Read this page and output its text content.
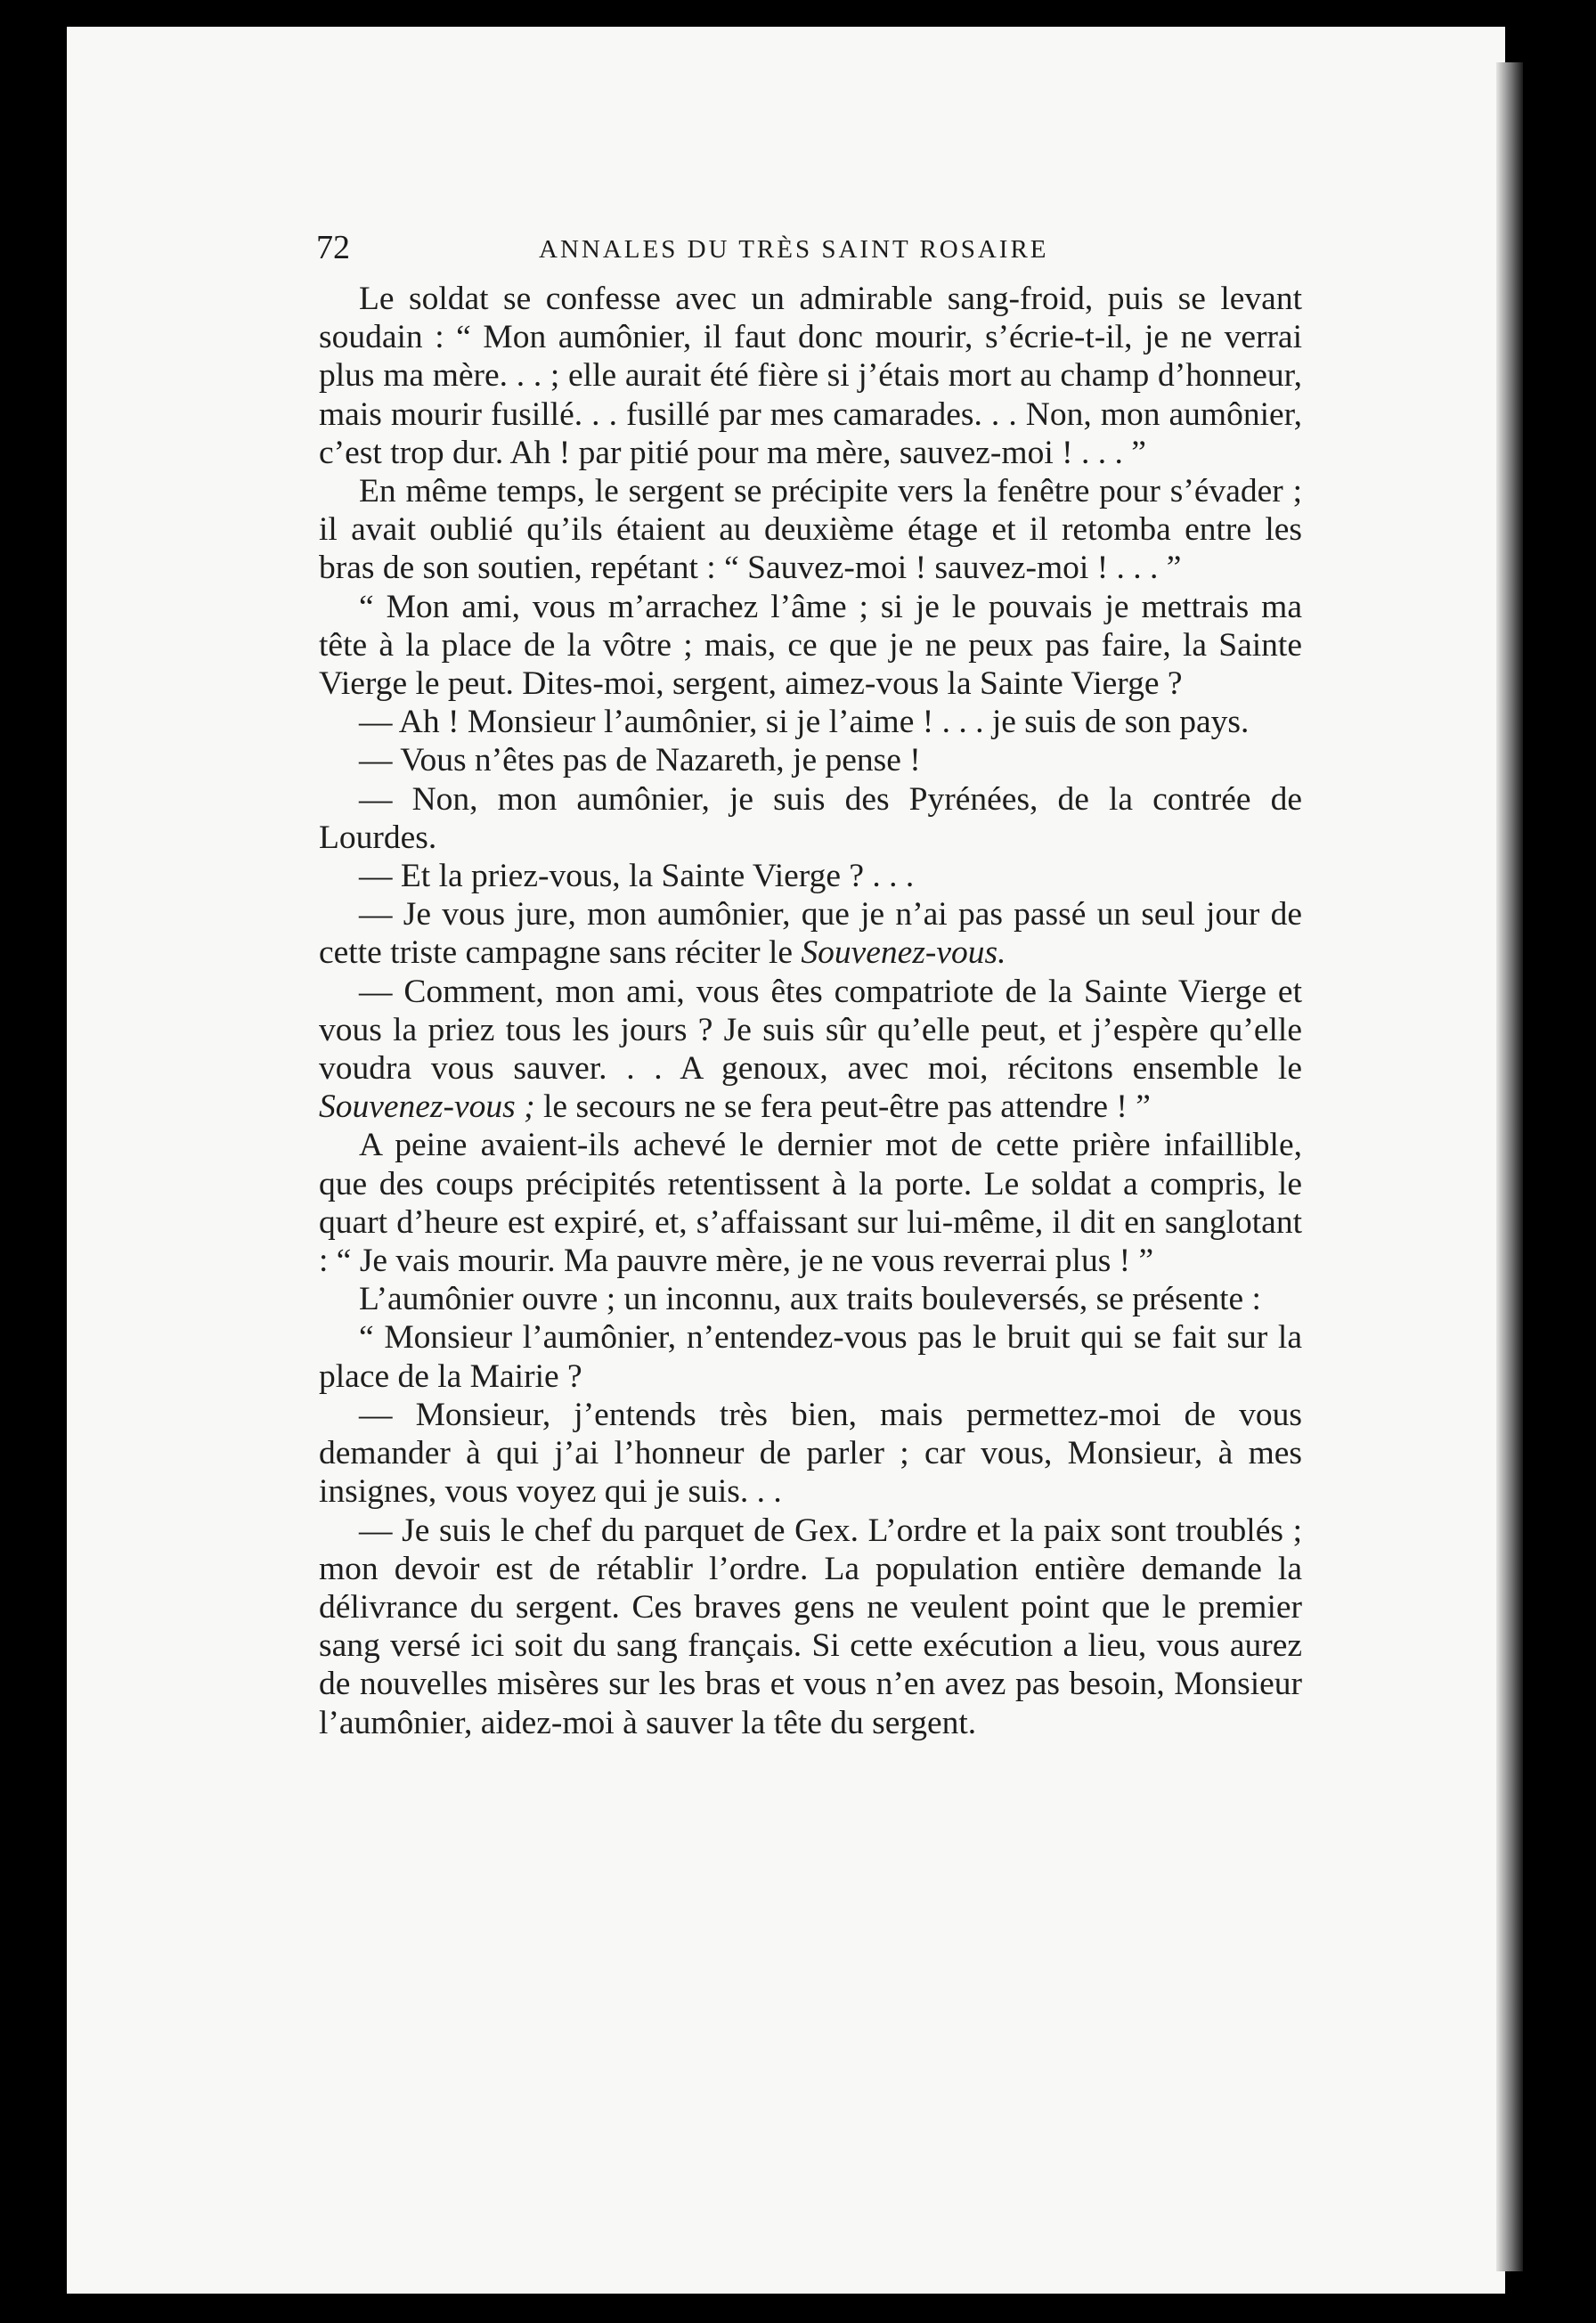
72	ANNALES DU TRÈS SAINT ROSAIRE

Le soldat se confesse avec un admirable sang-froid, puis se levant soudain : “ Mon aumônier, il faut donc mourir, s’écrie-t-il, je ne verrai plus ma mère. . . ; elle aurait été fière si j’étais mort au champ d’honneur, mais mourir fusillé. . . fusillé par mes camarades. . . Non, mon aumônier, c’est trop dur. Ah ! par pitié pour ma mère, sauvez-moi ! . . . ”

En même temps, le sergent se précipite vers la fenêtre pour s’évader ; il avait oublié qu’ils étaient au deuxième étage et il retomba entre les bras de son soutien, repétant : “ Sauvez-moi ! sauvez-moi ! . . . ”

“ Mon ami, vous m’arrachez l’âme ; si je le pouvais je mettrais ma tête à la place de la vôtre ; mais, ce que je ne peux pas faire, la Sainte Vierge le peut. Dites-moi, sergent, aimez-vous la Sainte Vierge ?

— Ah ! Monsieur l’aumônier, si je l’aime ! . . . je suis de son pays.

— Vous n’êtes pas de Nazareth, je pense !

— Non, mon aumônier, je suis des Pyrénées, de la contrée de Lourdes.

— Et la priez-vous, la Sainte Vierge ? . . .

— Je vous jure, mon aumônier, que je n’ai pas passé un seul jour de cette triste campagne sans réciter le Souvenez-vous.

— Comment, mon ami, vous êtes compatriote de la Sainte Vierge et vous la priez tous les jours ? Je suis sûr qu’elle peut, et j’espère qu’elle voudra vous sauver. . . A genoux, avec moi, récitons ensemble le Souvenez-vous ; le secours ne se fera peut-être pas attendre ! ”

A peine avaient-ils achevé le dernier mot de cette prière infaillible, que des coups précipités retentissent à la porte. Le soldat a compris, le quart d’heure est expiré, et, s’affaissant sur lui-même, il dit en sanglotant : “ Je vais mourir. Ma pauvre mère, je ne vous reverrai plus ! ”

L’aumônier ouvre ; un inconnu, aux traits bouleversés, se présente :

“ Monsieur l’aumônier, n’entendez-vous pas le bruit qui se fait sur la place de la Mairie ?

— Monsieur, j’entends très bien, mais permettez-moi de vous demander à qui j’ai l’honneur de parler ; car vous, Monsieur, à mes insignes, vous voyez qui je suis. . .

— Je suis le chef du parquet de Gex. L’ordre et la paix sont troublés ; mon devoir est de rétablir l’ordre. La population entière demande la délivrance du sergent. Ces braves gens ne veulent point que le premier sang versé ici soit du sang français. Si cette exécution a lieu, vous aurez de nouvelles misères sur les bras et vous n’en avez pas besoin, Monsieur l’aumônier, aidez-moi à sauver la tête du sergent.
